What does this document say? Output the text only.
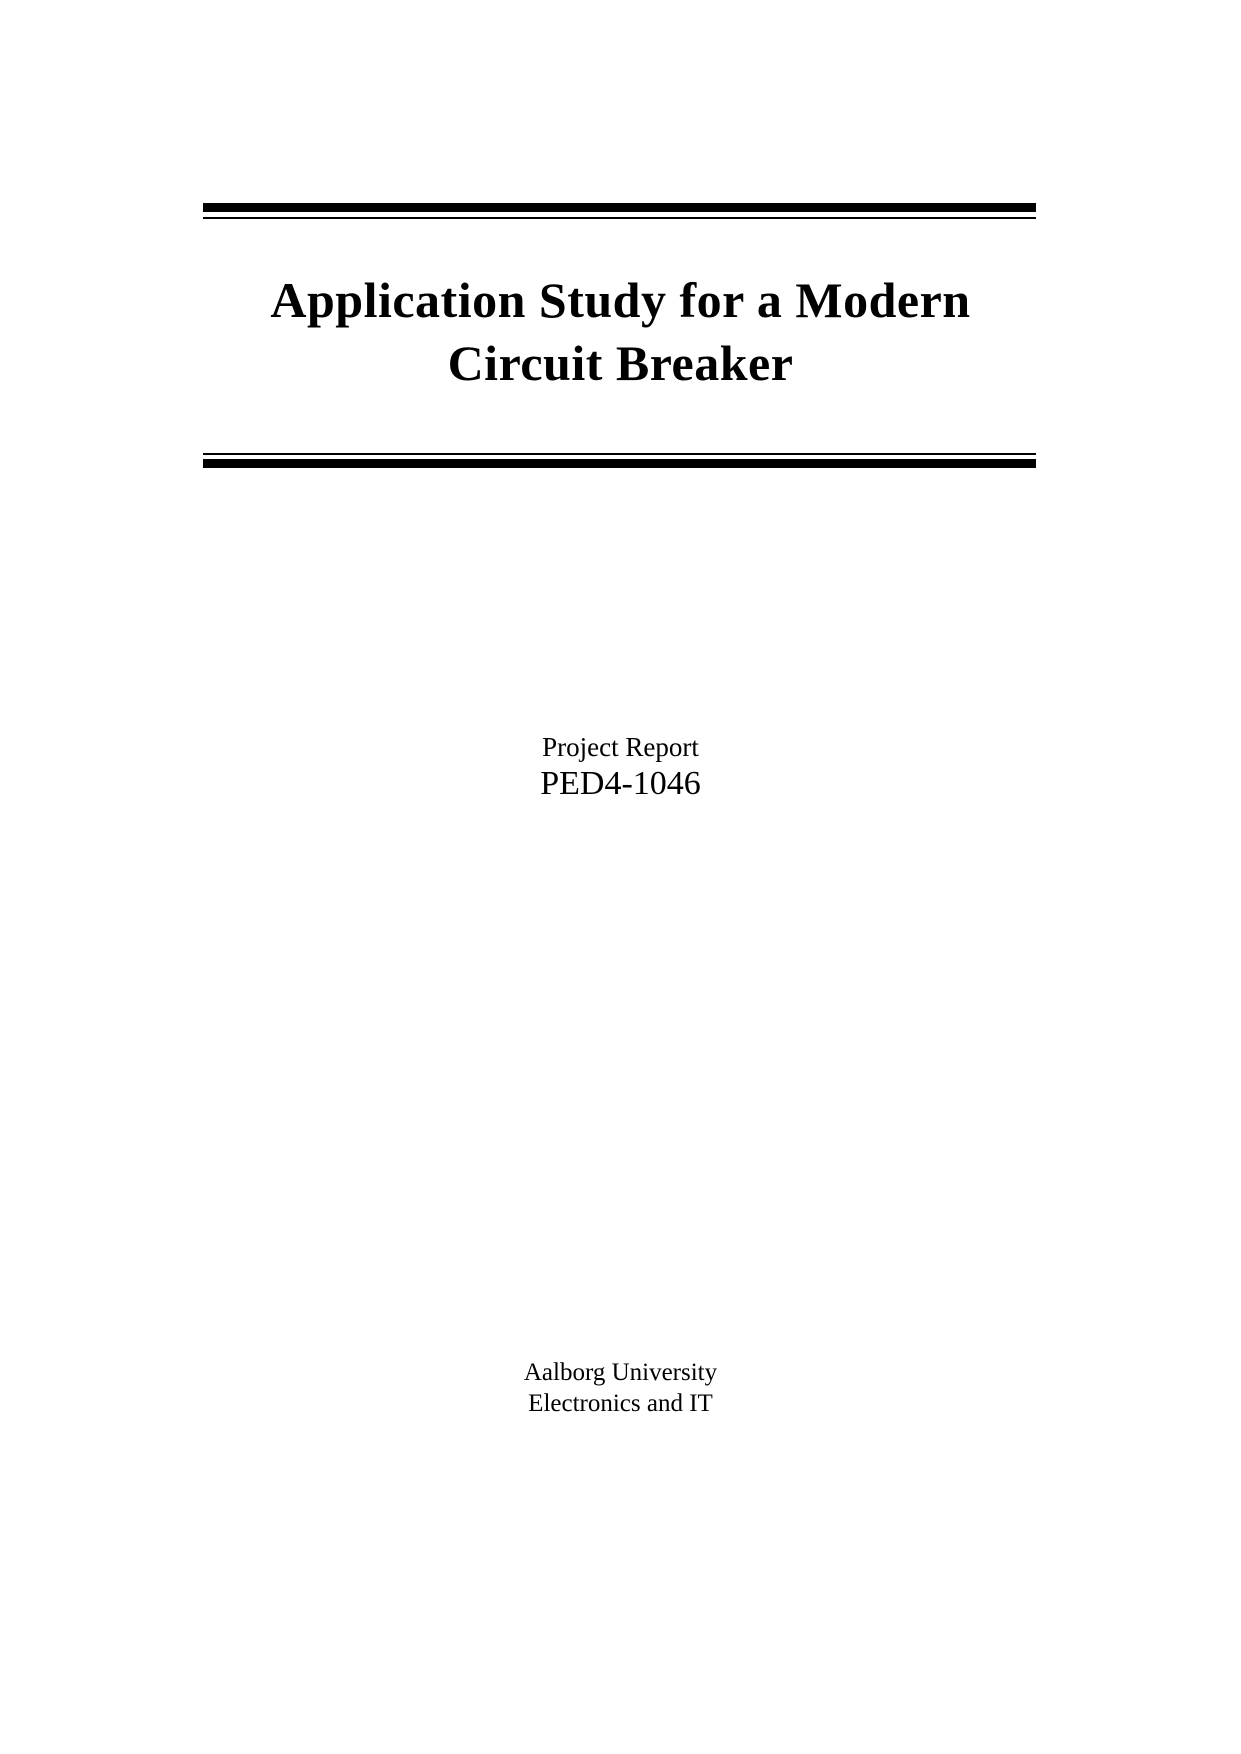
Application Study for a Modern
Circuit Breaker
Project Report
PED4-1046
Aalborg University
Electronics and IT
